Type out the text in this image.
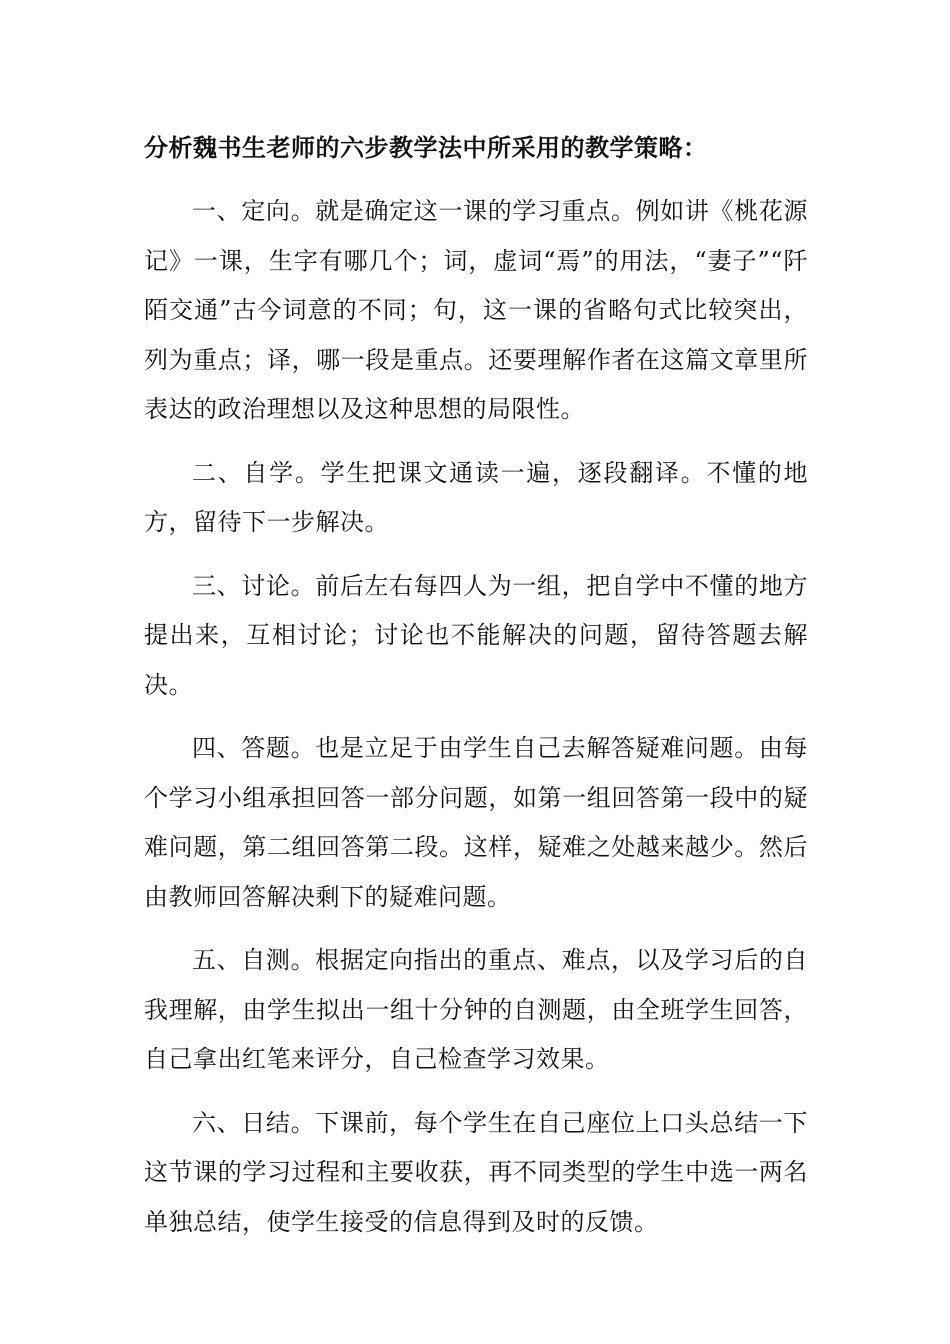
分析魏书生老师的六步教学法中所采用的教学策略：

一、定向。就是确定这一课的学习重点。例如讲《桃花源记》一课，生字有哪几个；词，虚词“焉”的用法，“妻子”“阡陌交通”古今词意的不同；句，这一课的省略句式比较突出，列为重点；译，哪一段是重点。还要理解作者在这篇文章里所表达的政治理想以及这种思想的局限性。

二、自学。学生把课文通读一遍，逐段翻译。不懂的地方，留待下一步解决。

三、讨论。前后左右每四人为一组，把自学中不懂的地方提出来，互相讨论；讨论也不能解决的问题，留待答题去解决。

四、答题。也是立足于由学生自己去解答疑难问题。由每个学习小组承担回答一部分问题，如第一组回答第一段中的疑难问题，第二组回答第二段。这样，疑难之处越来越少。然后由教师回答解决剩下的疑难问题。

五、自测。根据定向指出的重点、难点，以及学习后的自我理解，由学生拟出一组十分钟的自测题，由全班学生回答，自己拿出红笔来评分，自己检查学习效果。

六、日结。下课前，每个学生在自己座位上口头总结一下这节课的学习过程和主要收获，再不同类型的学生中选一两名单独总结，使学生接受的信息得到及时的反馈。
